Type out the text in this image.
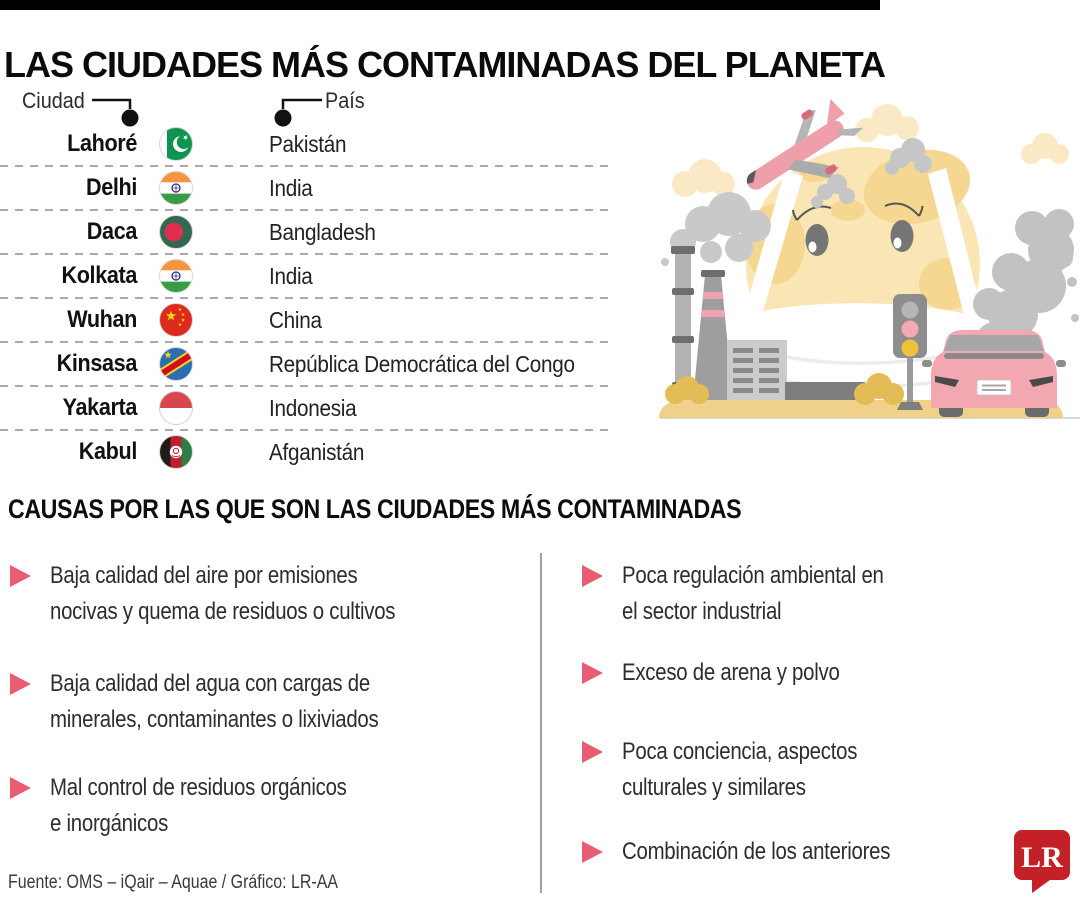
LAS CIUDADES MÁS CONTAMINADAS DEL PLANETA
Ciudad	País
Lahoré	Pakistán
Delhi	India
Daca	Bangladesh
Kolkata	India
Wuhan	China
Kinsasa	República Democrática del Congo
Yakarta	Indonesia
Kabul	Afganistán
CAUSAS POR LAS QUE SON LAS CIUDADES MÁS CONTAMINADAS
Baja calidad del aire por emisiones
nocivas y quema de residuos o cultivos
Baja calidad del agua con cargas de
minerales, contaminantes o lixiviados
Mal control de residuos orgánicos
e inorgánicos
Poca regulación ambiental en
el sector industrial
Exceso de arena y polvo
Poca conciencia, aspectos
culturales y similares
Combinación de los anteriores
Fuente: OMS – iQair – Aquae / Gráfico: LR-AA
LR
